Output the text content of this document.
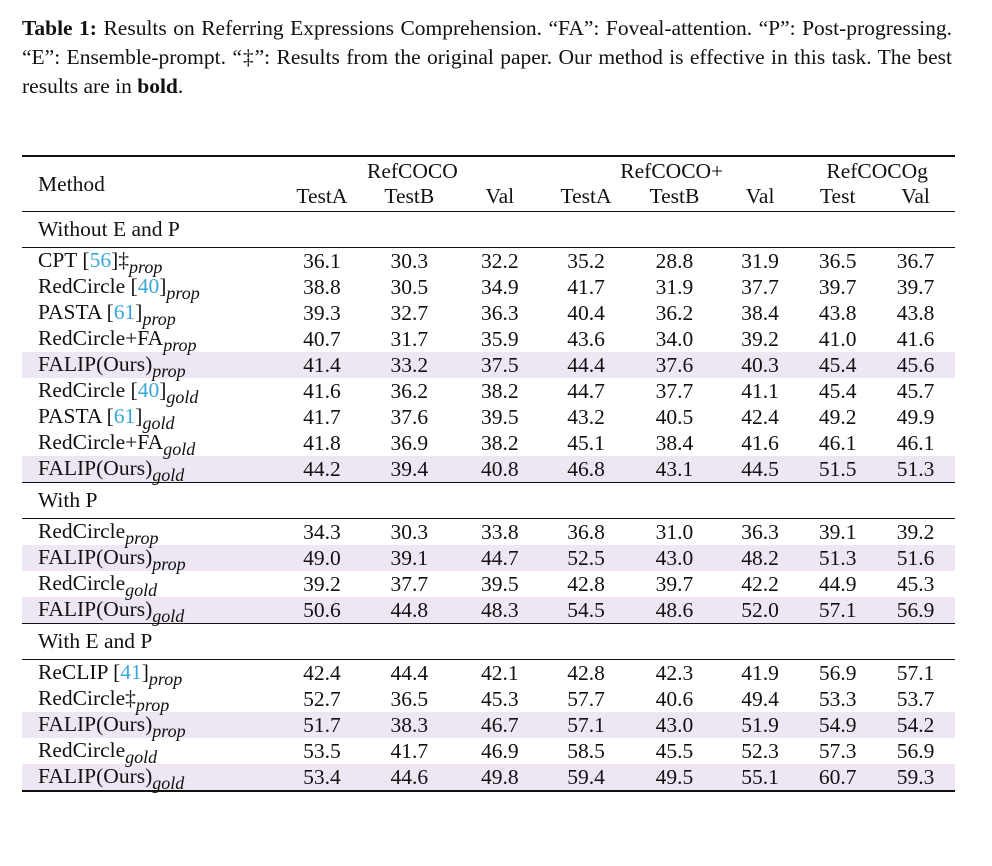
Table 1: Results on Referring Expressions Comprehension. “FA”: Foveal-attention. “P”: Post-progressing. “E”: Ensemble-prompt. “‡”: Results from the original paper. Our method is effective in this task. The best results are in bold.
Method	RefCOCO			RefCOCO+			RefCOCOg	
	TestA	TestB	Val	TestA	TestB	Val	Test	Val
Without E and P								
CPT $[56]\ddagger_{prop}$	36.1	30.3	32.2	35.2	28.8	31.9	36.5	36.7
RedCircle $[40]_{prop}$	38.8	30.5	34.9	41.7	31.9	37.7	39.7	39.7
PASTA $[61]_{prop}$	39.3	32.7	36.3	40.4	36.2	38.4	43.8	43.8
$RedCircle+FA_{prop}$	40.7	31.7	35.9	43.6	34.0	39.2	41.0	41.6
$FALIP(Ours)_{prop}$	41.4	33.2	37.5	44.4	37.6	40.3	45.4	45.6
RedCircle $[40]_{gold}$	41.6	36.2	38.2	44.7	37.7	41.1	45.4	45.7
PASTA $[61]_{gold}$	41.7	37.6	39.5	43.2	40.5	42.4	49.2	49.9
$RedCircle+FA_{gold}$	41.8	36.9	38.2	45.1	38.4	41.6	46.1	46.1
$FALIP(Ours)_{gold}$	44.2	39.4	40.8	46.8	43.1	44.5	51.5	51.3
With P								
RedCircle$_{prop}$	34.3	30.3	33.8	36.8	31.0	36.3	39.1	39.2
$FALIP(Ours)_{prop}$	49.0	39.1	44.7	52.5	43.0	48.2	51.3	51.6
RedCircle$_{gold}$	39.2	37.7	39.5	42.8	39.7	42.2	44.9	45.3
$FALIP(Ours)_{gold}$	50.6	44.8	48.3	54.5	48.6	52.0	57.1	56.9
With E and P								
ReCLIP $[41]_{prop}$	42.4	44.4	42.1	42.8	42.3	41.9	56.9	57.1
$RedCircle\ddagger_{prop}$	52.7	36.5	45.3	57.7	40.6	49.4	53.3	53.7
$FALIP(Ours)_{prop}$	51.7	38.3	46.7	57.1	43.0	51.9	54.9	54.2
RedCircle$_{gold}$	53.5	41.7	46.9	58.5	45.5	52.3	57.3	56.9
$FALIP(Ours)_{gold}$	53.4	44.6	49.8	59.4	49.5	55.1	60.7	59.3
